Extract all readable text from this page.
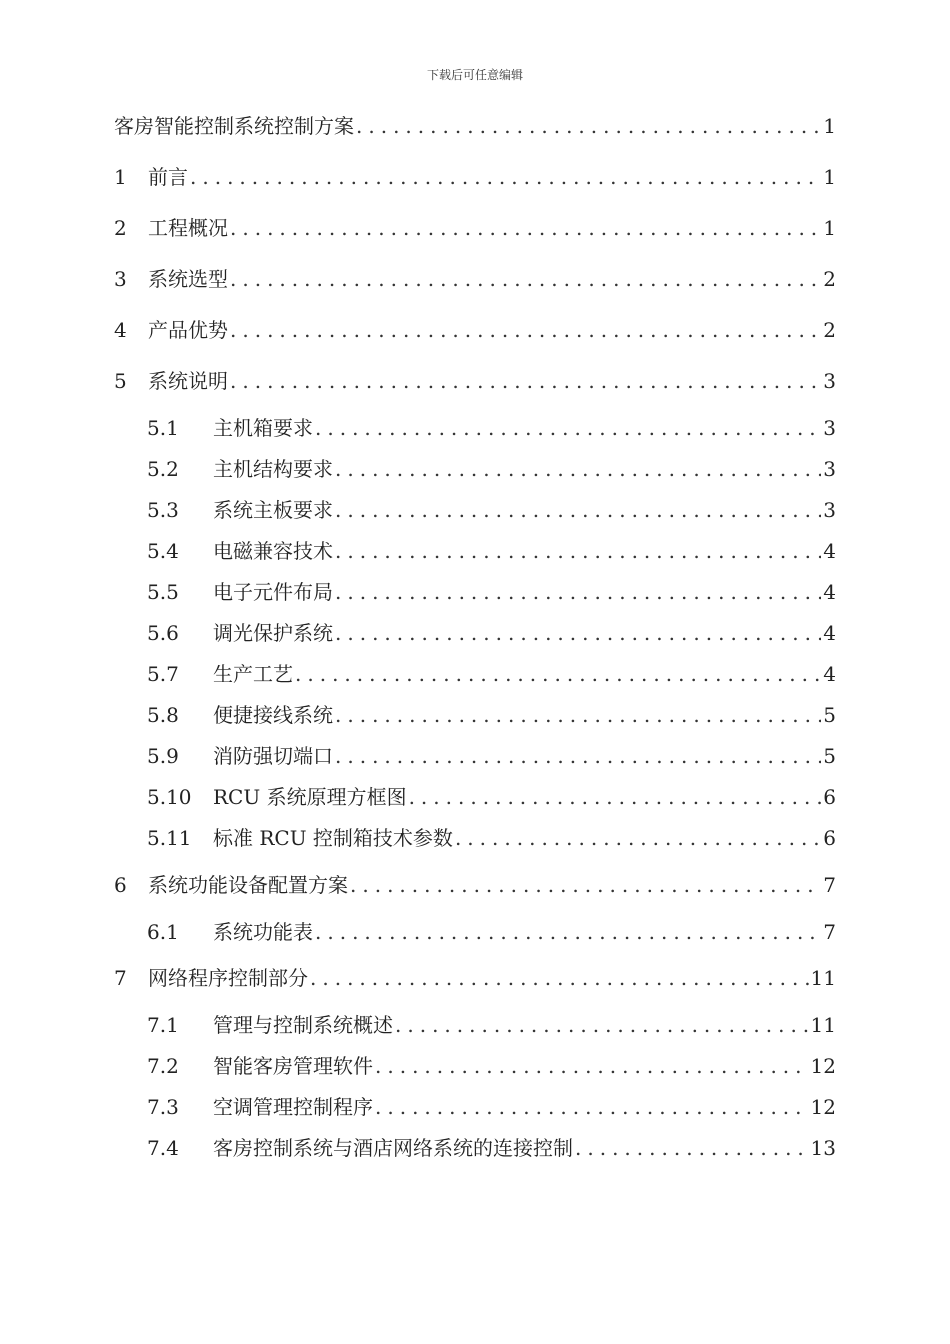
下载后可任意编辑
客房智能控制系统控制方案 .....	1
1	前言 .....	1
2	工程概况 .....	1
3	系统选型 .....	2
4	产品优势 .....	2
5	系统说明 .....	3
5.1	主机箱要求 .....	3
5.2	主机结构要求 .....	3
5.3	系统主板要求 .....	3
5.4	电磁兼容技术 .....	4
5.5	电子元件布局 .....	4
5.6	调光保护系统 .....	4
5.7	生产工艺 .....	4
5.8	便捷接线系统 .....	5
5.9	消防强切端口 .....	5
5.10	RCU 系统原理方框图 .....	6
5.11	标准 RCU 控制箱技术参数 .....	6
6	系统功能设备配置方案 .....	7
6.1	系统功能表 .....	7
7	网络程序控制部分 .....	11
7.1	管理与控制系统概述 .....	11
7.2	智能客房管理软件 .....	12
7.3	空调管理控制程序 .....	12
7.4	客房控制系统与酒店网络系统的连接控制 .....	13
